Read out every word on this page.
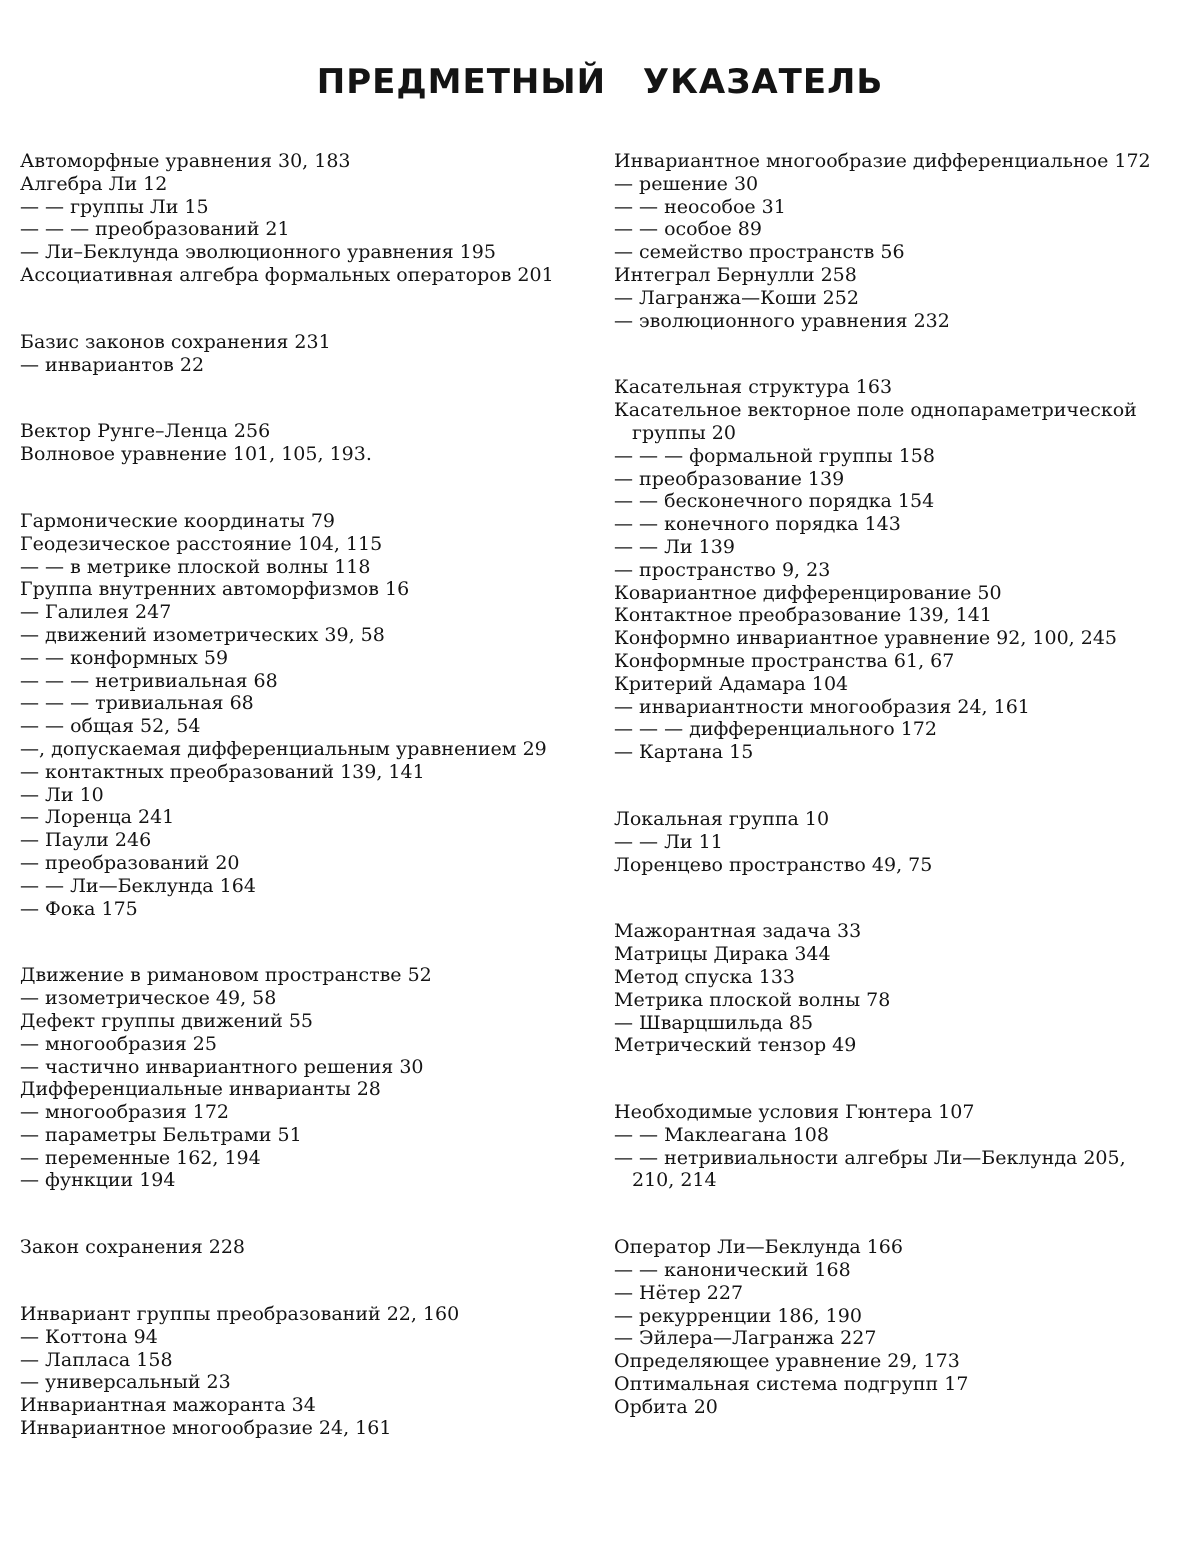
ПРЕДМЕТНЫЙ УКАЗАТЕЛЬ
Автоморфные уравнения 30, 183
Алгебра Ли 12
— — группы Ли 15
— — — преобразований 21
— Ли–Беклунда эволюционного уравнения 195
Ассоциативная алгебра формальных операторов 201
Базис законов сохранения 231
— инвариантов 22
Вектор Рунге–Ленца 256
Волновое уравнение 101, 105, 193.
Гармонические координаты 79
Геодезическое расстояние 104, 115
— — в метрике плоской волны 118
Группа внутренних автоморфизмов 16
— Галилея 247
— движений изометрических 39, 58
— — конформных 59
— — — нетривиальная 68
— — — тривиальная 68
— — общая 52, 54
—, допускаемая дифференциальным уравнением 29
— контактных преобразований 139, 141
— Ли 10
— Лоренца 241
— Паули 246
— преобразований 20
— — Ли—Беклунда 164
— Фока 175
Движение в римановом пространстве 52
— изометрическое 49, 58
Дефект группы движений 55
— многообразия 25
— частично инвариантного решения 30
Дифференциальные инварианты 28
— многообразия 172
— параметры Бельтрами 51
— переменные 162, 194
— функции 194
Закон сохранения 228
Инвариант группы преобразований 22, 160
— Коттона 94
— Лапласа 158
— универсальный 23
Инвариантная мажоранта 34
Инвариантное многообразие 24, 161
Инвариантное многообразие дифференциальное 172
— решение 30
— — неособое 31
— — особое 89
— семейство пространств 56
Интеграл Бернулли 258
— Лагранжа—Коши 252
— эволюционного уравнения 232
Касательная структура 163
Касательное векторное поле однопараметрической группы 20
— — — формальной группы 158
— преобразование 139
— — бесконечного порядка 154
— — конечного порядка 143
— — Ли 139
— пространство 9, 23
Ковариантное дифференцирование 50
Контактное преобразование 139, 141
Конформно инвариантное уравнение 92, 100, 245
Конформные пространства 61, 67
Критерий Адамара 104
— инвариантности многообразия 24, 161
— — — дифференциального 172
— Картана 15
Локальная группа 10
— — Ли 11
Лоренцево пространство 49, 75
Мажорантная задача 33
Матрицы Дирака 344
Метод спуска 133
Метрика плоской волны 78
— Шварцшильда 85
Метрический тензор 49
Необходимые условия Гюнтера 107
— — Маклеагана 108
— — нетривиальности алгебры Ли—Беклунда 205, 210, 214
Оператор Ли—Беклунда 166
— — канонический 168
— Нётер 227
— рекурренции 186, 190
— Эйлера—Лагранжа 227
Определяющее уравнение 29, 173
Оптимальная система подгрупп 17
Орбита 20
